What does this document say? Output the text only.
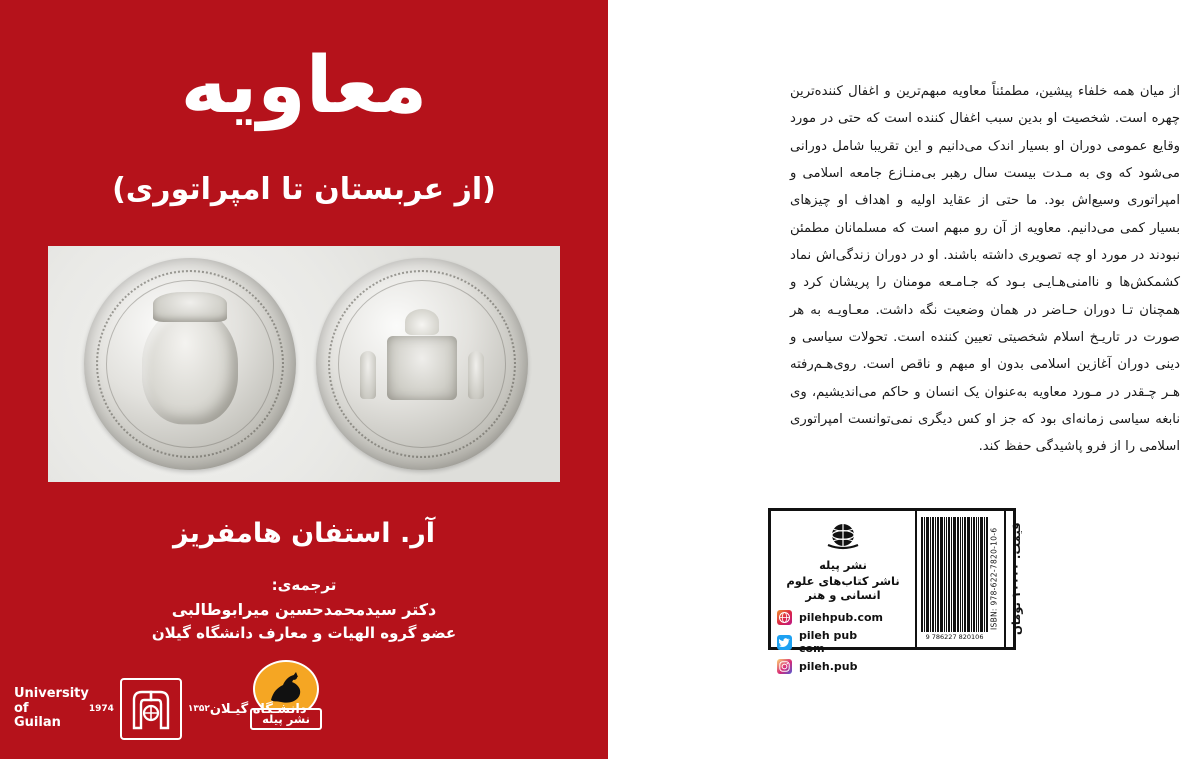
از میان همه خلفاء پیشین، مطمئناً معاویه مبهم‌ترین و اغفال کننده‌ترین چهره است. شخصیت او بدین سبب اغفال کننده است که حتی در مورد وقایع عمومی دوران او بسیار اندک می‌دانیم و این تقریبا شامل دورانی می‌شود که وی به مـدت بیست سال رهبر بی‌منـازع جامعه اسلامی و امپراتوری وسیع‌اش بود. ما حتی از عقاید اولیه و اهداف او چیزهای بسیار کمی می‌دانیم. معاویه از آن رو مبهم است که مسلمانان مطمئن نبودند در مورد او چه تصویری داشته باشند. او در دوران زندگی‌اش نماد کشمکش‌ها و ناامنی‌هـایـی بـود که جـامـعه مومنان را پریشان کرد و همچنان تـا دوران حـاضر در همان وضعیت نگه داشت. معـاویـه به هر صورت در تاریـخ اسلام شخصیتی تعیین کننده است. تحولات سیاسی و دینی دوران آغازین اسلامی بدون او مبهم و ناقص است. روی‌هـم‌رفته هـر چـقدر در مـورد معاویه به‌عنوان یک انسان و حاکم می‌اندیشیم، وی نابغه سیاسی زمانه‌ای بود که جز او کس دیگری نمی‌توانست امپراتوری اسلامی را از فرو پاشیدگی حفظ کند.
نشر پیله
ناشر کتاب‌های علوم انسانی و هنر
pilehpub.com
pileh pub com
pileh.pub
قیمت: ۱۰۰۰۰ تومان
ISBN: 978-622-7820-10-6
9 786227 820106
معاویه
(از عربستان تا امپراتوری)
آر. استفان هامفریز
ترجمه‌ی:
دکتر سیدمحمدحسین میرابوطالبی
عضو گروه الهیات و معارف دانشگاه گیلان
نشر پیله
University of
Guilan
1974	۱۳۵۲ دانشـگاه گیـلان
